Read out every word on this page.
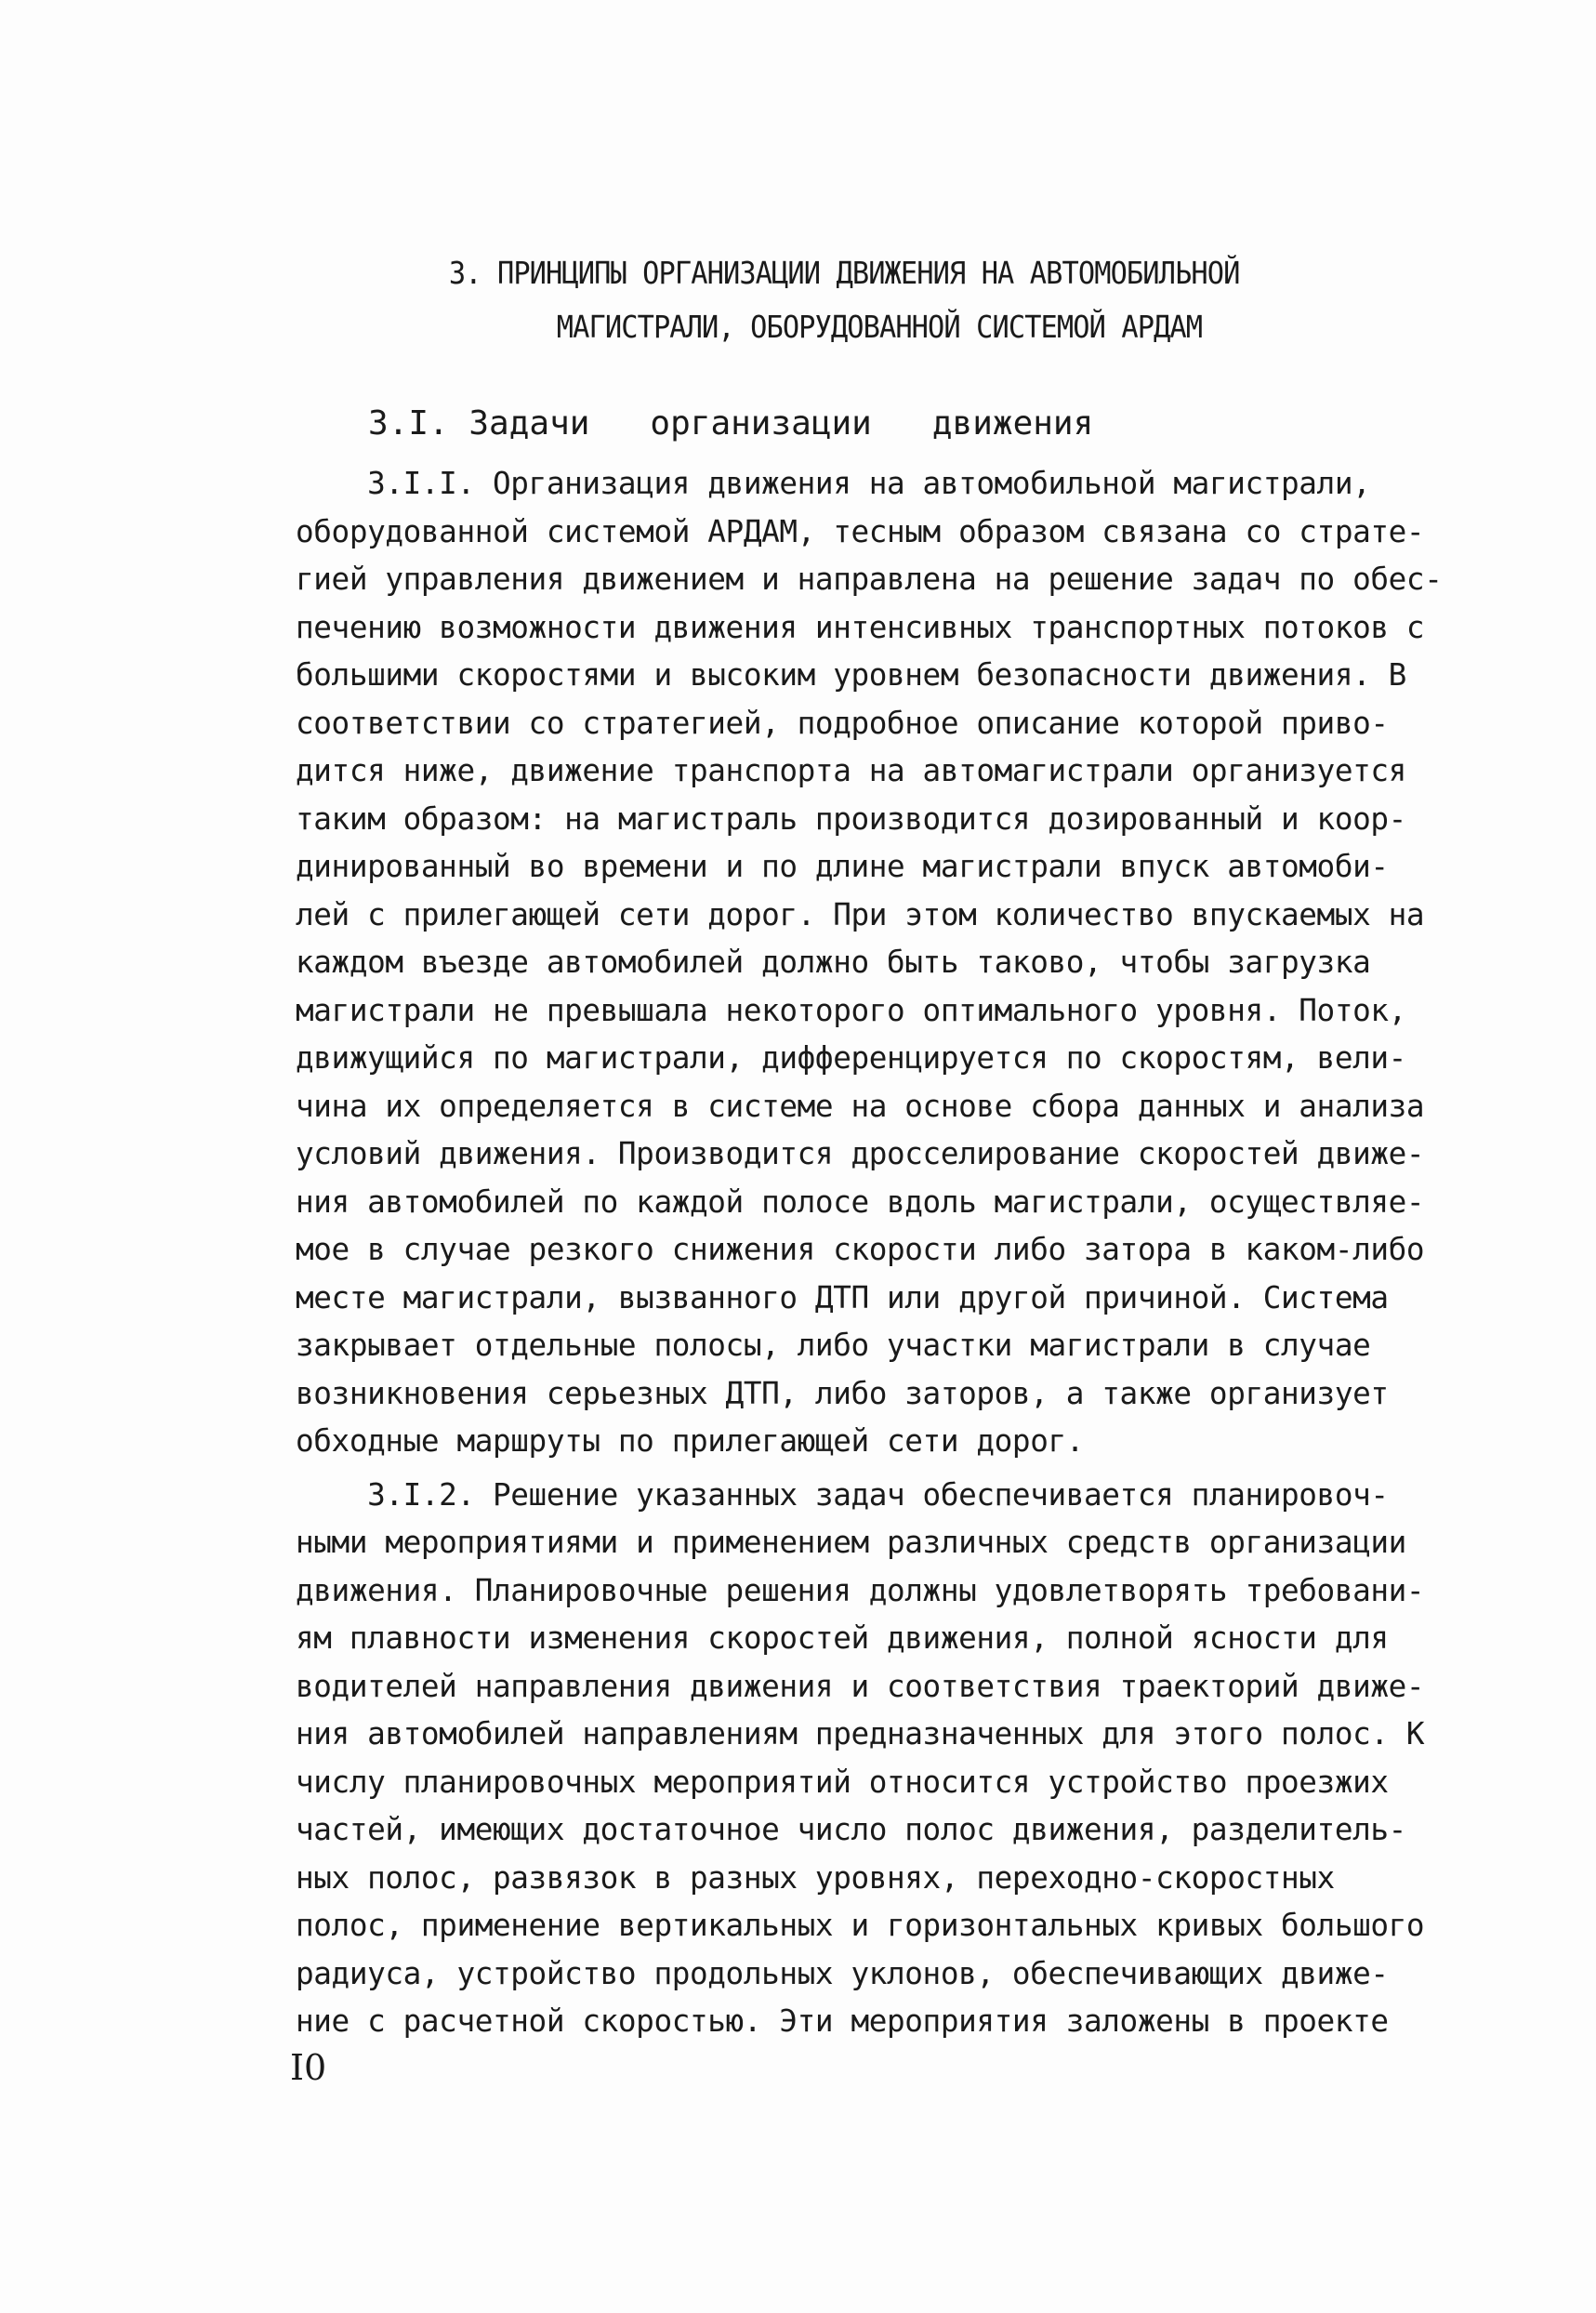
3. ПРИНЦИПЫ ОРГАНИЗАЦИИ ДВИЖЕНИЯ НА АВТОМОБИЛЬНОЙ
МАГИСТРАЛИ, ОБОРУДОВАННОЙ СИСТЕМОЙ АРДАМ
3.I. Задачи   организации   движения
3.I.I. Организация движения на автомобильной магистрали,
оборудованной системой АРДАМ, тесным образом связана со страте-
гией управления движением и направлена на решение задач по обес-
печению возможности движения интенсивных транспортных потоков с
большими скоростями и высоким уровнем безопасности движения. В
соответствии со стратегией, подробное описание которой приво-
дится ниже, движение транспорта на автомагистрали организуется
таким образом: на магистраль производится дозированный и коор-
динированный во времени и по длине магистрали впуск автомоби-
лей с прилегающей сети дорог. При этом количество впускаемых на
каждом въезде автомобилей должно быть таково, чтобы загрузка
магистрали не превышала некоторого оптимального уровня. Поток,
движущийся по магистрали, дифференцируется по скоростям, вели-
чина их определяется в системе на основе сбора данных и анализа
условий движения. Производится дросселирование скоростей движе-
ния автомобилей по каждой полосе вдоль магистрали, осуществляе-
мое в случае резкого снижения скорости либо затора в каком-либо
месте магистрали, вызванного ДТП или другой причиной. Система
закрывает отдельные полосы, либо участки магистрали в случае
возникновения серьезных ДТП, либо заторов, а также организует
обходные маршруты по прилегающей сети дорог.
3.I.2. Решение указанных задач обеспечивается планировоч-
ными мероприятиями и применением различных средств организации
движения. Планировочные решения должны удовлетворять требовани-
ям плавности изменения скоростей движения, полной ясности для
водителей направления движения и соответствия траекторий движе-
ния автомобилей направлениям предназначенных для этого полос. К
числу планировочных мероприятий относится устройство проезжих
частей, имеющих достаточное число полос движения, разделитель-
ных полос, развязок в разных уровнях, переходно-скоростных
полос, применение вертикальных и горизонтальных кривых большого
радиуса, устройство продольных уклонов, обеспечивающих движе-
ние с расчетной скоростью. Эти мероприятия заложены в проекте
I0
